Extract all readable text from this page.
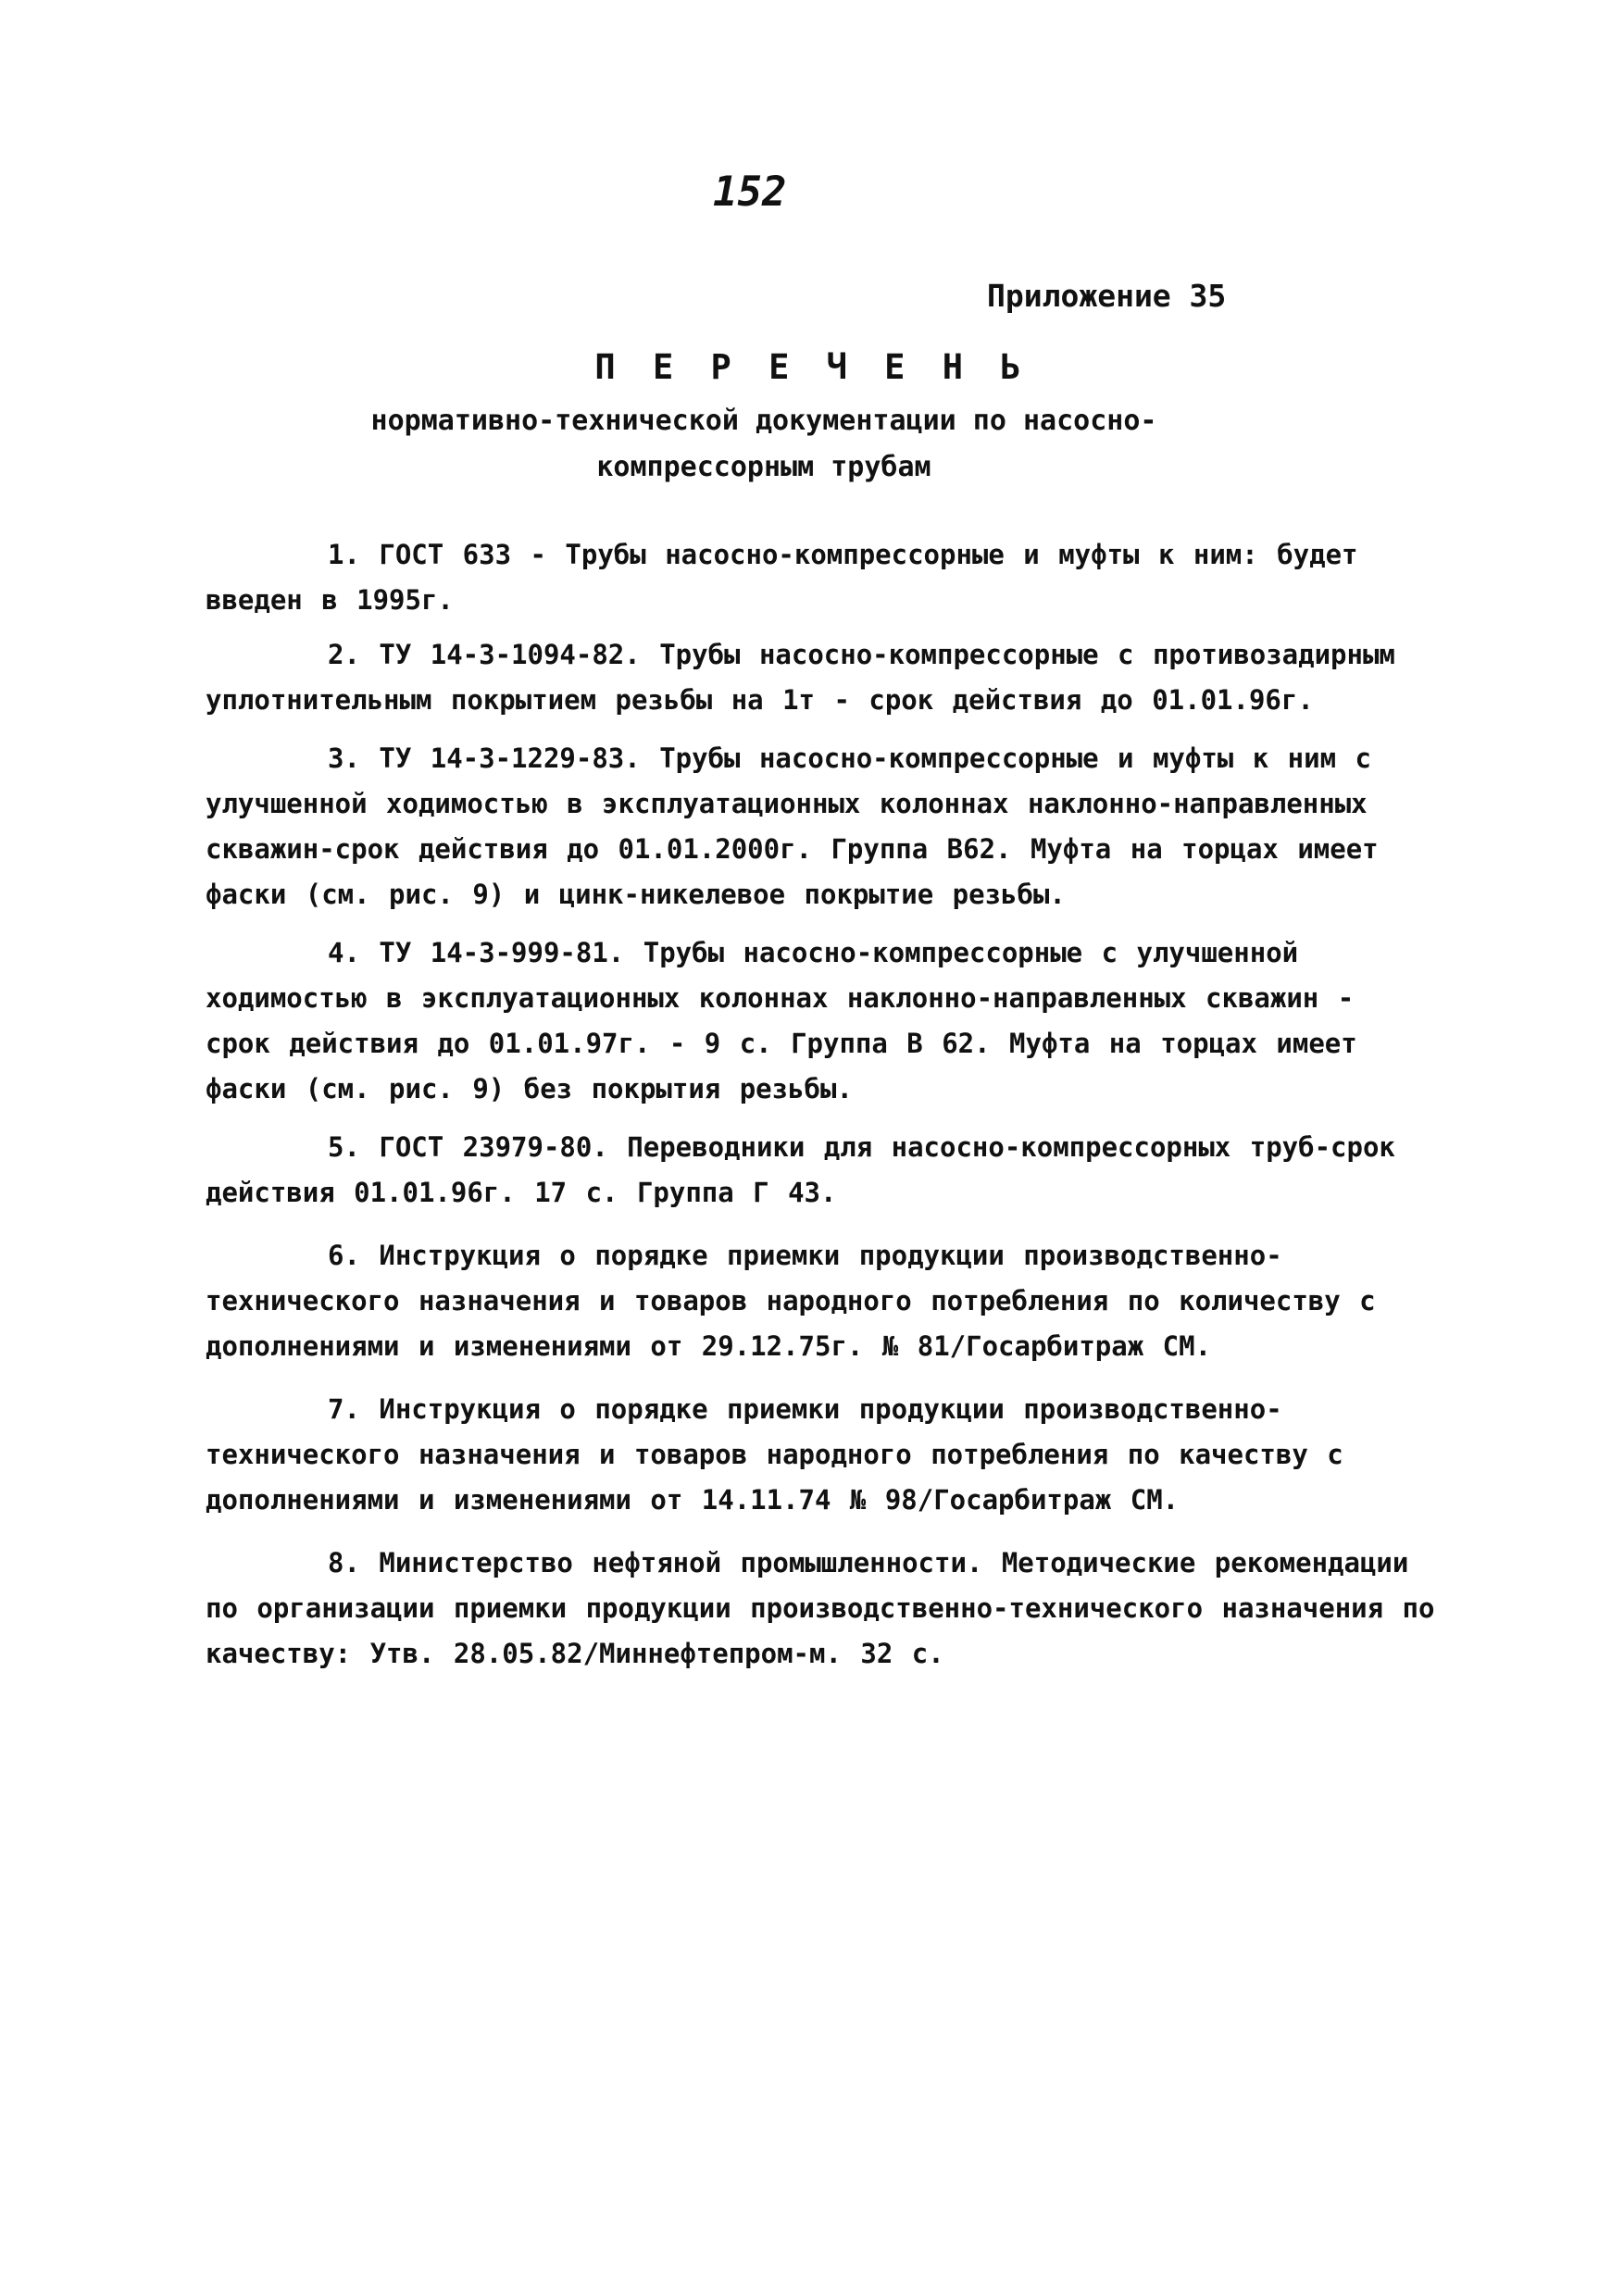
152
Приложение 35
П Е Р Е Ч Е Н Ь
нормативно-технической документации по насосно-компрессорным трубам
1. ГОСТ 633 - Трубы насосно-компрессорные и муфты к ним: будет введен в 1995г.
2. ТУ 14-3-1094-82. Трубы насосно-компрессорные с противозадирным уплотнительным покрытием резьбы на 1т - срок действия до 01.01.96г.
3. ТУ 14-3-1229-83. Трубы насосно-компрессорные и муфты к ним с улучшенной ходимостью в эксплуатационных колоннах наклонно-направленных скважин-срок действия до 01.01.2000г. Группа В62. Муфта на торцах имеет фаски (см. рис. 9) и цинк-никелевое покрытие резьбы.
4. ТУ 14-3-999-81. Трубы насосно-компрессорные с улучшенной ходимостью в эксплуатационных колоннах наклонно-направленных скважин - срок действия до 01.01.97г. - 9 с. Группа В 62. Муфта на торцах имеет фаски (см. рис. 9) без покрытия резьбы.
5. ГОСТ 23979-80. Переводники для насосно-компрессорных труб-срок действия 01.01.96г. 17 с. Группа Г 43.
6. Инструкция о порядке приемки продукции производственно-технического назначения и товаров народного потребления по количеству с дополнениями и изменениями от 29.12.75г. № 81/Госарбитраж СМ.
7. Инструкция о порядке приемки продукции производственно-технического назначения и товаров народного потребления по качеству с дополнениями и изменениями от 14.11.74 № 98/Госарбитраж СМ.
8. Министерство нефтяной промышленности. Методические рекомендации по организации приемки продукции производственно-технического назначения по качеству: Утв. 28.05.82/Миннефтепром-м. 32 с.
